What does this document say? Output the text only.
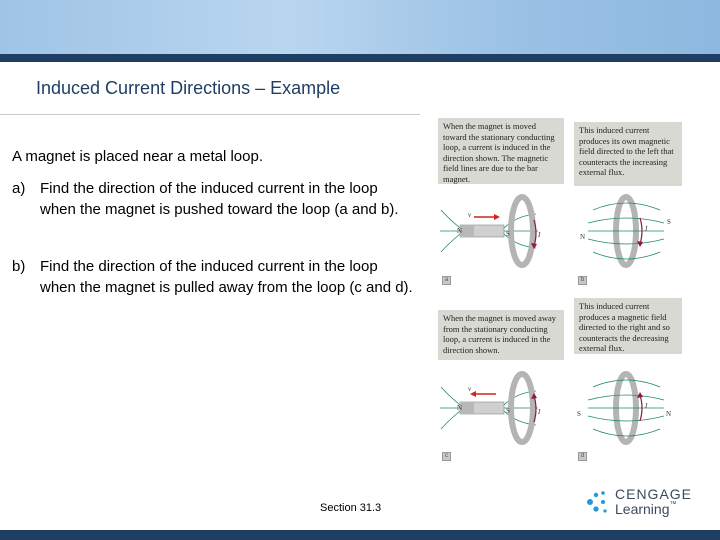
Induced Current Directions – Example

A magnet is placed near a metal loop.

a) Find the direction of the induced current in the loop when the magnet is pushed toward the loop (a and b).
b) Find the direction of the induced current in the loop when the magnet is pulled away from the loop (c and d).
When the magnet is moved toward the stationary conducting loop, a current is induced in the direction shown. The magnetic field lines are due to the bar magnet.
This induced current produces its own magnetic field directed to the left that counteracts the increasing external flux.
When the magnet is moved away from the stationary conducting loop, a current is induced in the direction shown.
This induced current produces a magnetic field directed to the right and so counteracts the decreasing external flux.
N	S
v
I	N
S
I
N	S
v
I	S	N
I
a	b
c	d
Section 31.3
CENGAGE
Learning™
